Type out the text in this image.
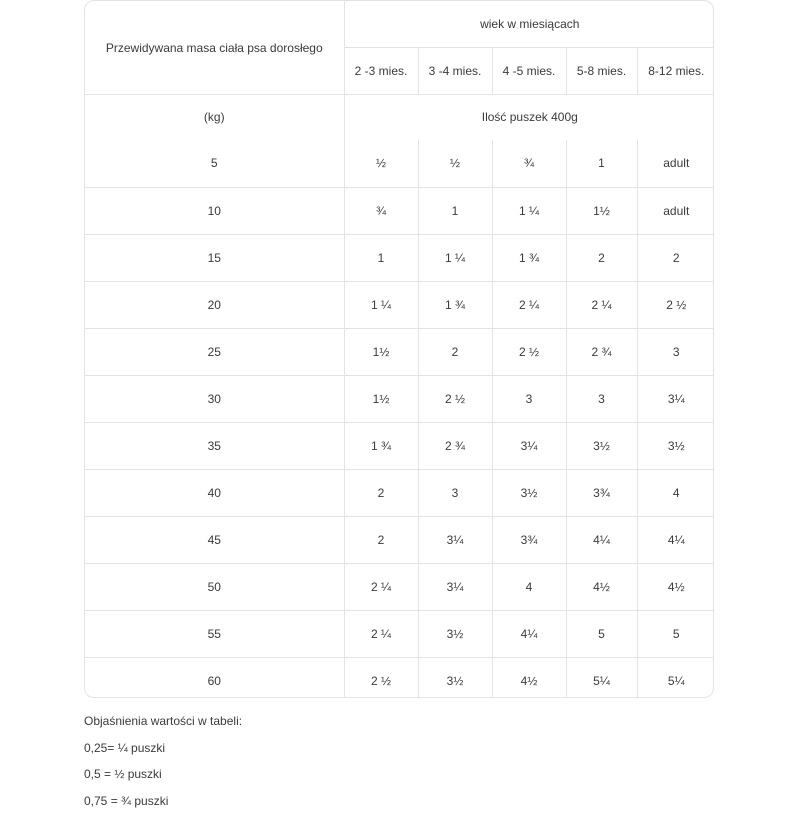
Przewidywana masa ciała psa dorosłego	wiek w miesiącach				
	2 -3 mies.	3 -4 mies.	4 -5 mies.	5-8 mies.	8-12 mies.
(kg)	Ilość puszek 400g				
5	½	½	¾	1	adult
10	¾	1	1 ¼	1½	adult
15	1	1 ¼	1 ¾	2	2
20	1 ¼	1 ¾	2 ¼	2 ¼	2 ½
25	1½	2	2 ½	2 ¾	3
30	1½	2 ½	3	3	3¼
35	1 ¾	2 ¾	3¼	3½	3½
40	2	3	3½	3¾	4
45	2	3¼	3¾	4¼	4¼
50	2 ¼	3¼	4	4½	4½
55	2 ¼	3½	4¼	5	5
60	2 ½	3½	4½	5¼	5¼
Objaśnienia wartości w tabeli:
0,25= ¼ puszki
0,5 = ½ puszki
0,75 = ¾ puszki
